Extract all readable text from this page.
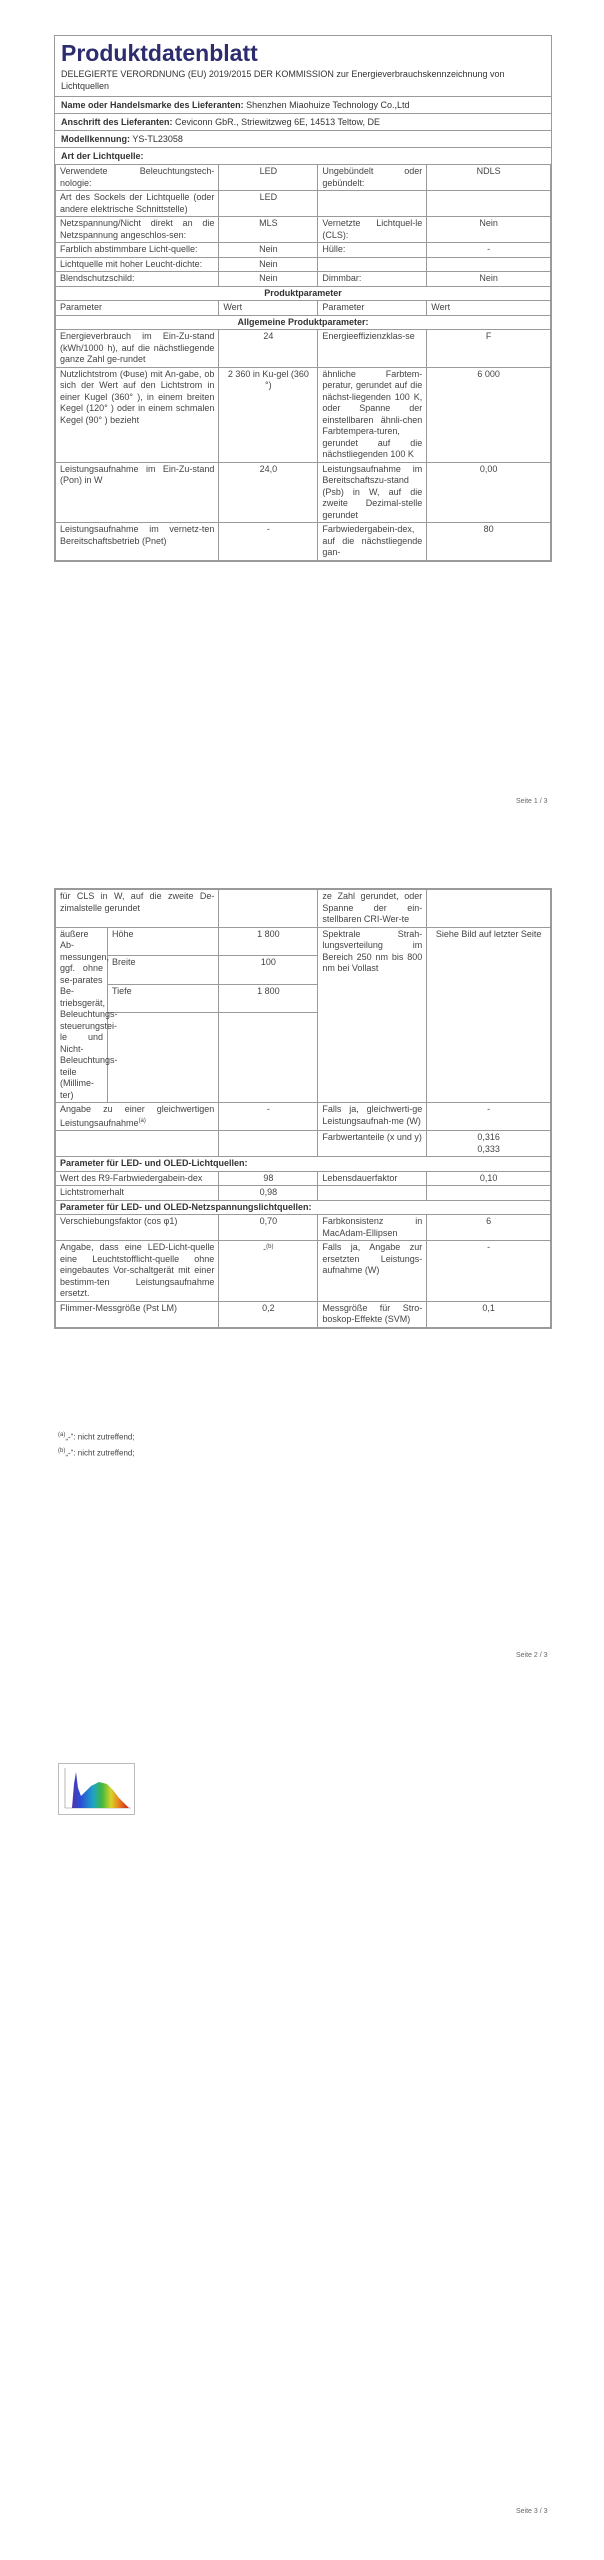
Produktdatenblatt
DELEGIERTE VERORDNUNG (EU) 2019/2015 DER KOMMISSION zur Energieverbrauchskennzeichnung von Lichtquellen
Name oder Handelsmarke des Lieferanten: Shenzhen Miaohuize Technology Co.,Ltd
Anschrift des Lieferanten: Ceviconn GbR., Striewitzweg 6E, 14513 Teltow, DE
Modellkennung: YS-TL23058
Art der Lichtquelle:
Verwendete Beleuchtungstech-nologie:	LED	Ungebündelt oder gebündelt:	NDLS
Art des Sockels der Lichtquelle (oder andere elektrische Schnittstelle)	LED		
Netzspannung/Nicht direkt an die Netzspannung angeschlos-sen:	MLS	Vernetzte Lichtquel-le (CLS):	Nein
Farblich abstimmbare Licht-quelle:	Nein	Hülle:	-
Lichtquelle mit hoher Leucht-dichte:	Nein		
Blendschutzschild:	Nein	Dimmbar:	Nein
Produktparameter			
Parameter	Wert	Parameter	Wert
Allgemeine Produktparameter:			
Energieverbrauch im Ein-Zu-stand (kWh/1000 h), auf die nächstliegende ganze Zahl ge-rundet	24	Energieeffizienzklas-se	F
Nutzlichtstrom (Φuse) mit An-gabe, ob sich der Wert auf den Lichtstrom in einer Kugel (360° ), in einem breiten Kegel (120° ) oder in einem schmalen Kegel (90° ) bezieht	2 360 in Ku-gel (360 °)	ähnliche Farbtem-peratur, gerundet auf die nächst-liegenden 100 K, oder Spanne der einstellbaren ähnli-chen Farbtempera-turen, gerundet auf die nächstliegenden 100 K	6 000
Leistungsaufnahme im Ein-Zu-stand (Pon) in W	24,0	Leistungsaufnahme im Bereitschaftszu-stand (Psb) in W, auf die zweite Dezimal-stelle gerundet	0,00
Leistungsaufnahme im vernetz-ten Bereitschaftsbetrieb (Pnet)	-	Farbwiedergabein-dex, auf die nächstliegende gan-	80
Seite 1 / 3
für CLS in W, auf die zweite De-zimalstelle gerundet			ze Zahl gerundet, oder Spanne der ein-stellbaren CRI-Wer-te	
äußere Ab-messungen, ggf. ohne se-parates Be-triebsgerät, Beleuchtungs-steuerungstei-le und Nicht-Beleuchtungs-teile (Millime-ter)	Höhe	1 800	Spektrale Strah-lungsverteilung im Bereich 250 nm bis 800 nm bei Vollast	Siehe Bild auf letzter Seite
	Breite	100		
	Tiefe	1 800		

Angabe zu einer gleichwertigen Leistungsaufnahme$^{(a)}$		-	Falls ja, gleichwerti-ge Leistungsaufnah-me (W)	-
			Farbwertanteile (x und y)	0,316
0,333
Parameter für LED- und OLED-Lichtquellen:				
Wert des R9-Farbwiedergabein-dex		98	Lebensdauerfaktor	0,10
Lichtstromerhalt		0,98		
Parameter für LED- und OLED-Netzspannungslichtquellen:				
Verschiebungsfaktor (cos φ1)		0,70	Farbkonsistenz in MacAdam-Ellipsen	6
Angabe, dass eine LED-Licht-quelle eine Leuchtstofflicht-quelle ohne eingebautes Vor-schaltgerät mit einer bestimm-ten Leistungsaufnahme ersetzt.		-$^{(b)}$	Falls ja, Angabe zur ersetzten Leistungs-aufnahme (W)	-
Flimmer-Messgröße (Pst LM)		0,2	Messgröße für Stro-boskop-Effekte (SVM)	0,1
$^{(a)}$„-“: nicht zutreffend;
$^{(b)}$„-“: nicht zutreffend;
Seite 2 / 3
Seite 3 / 3
